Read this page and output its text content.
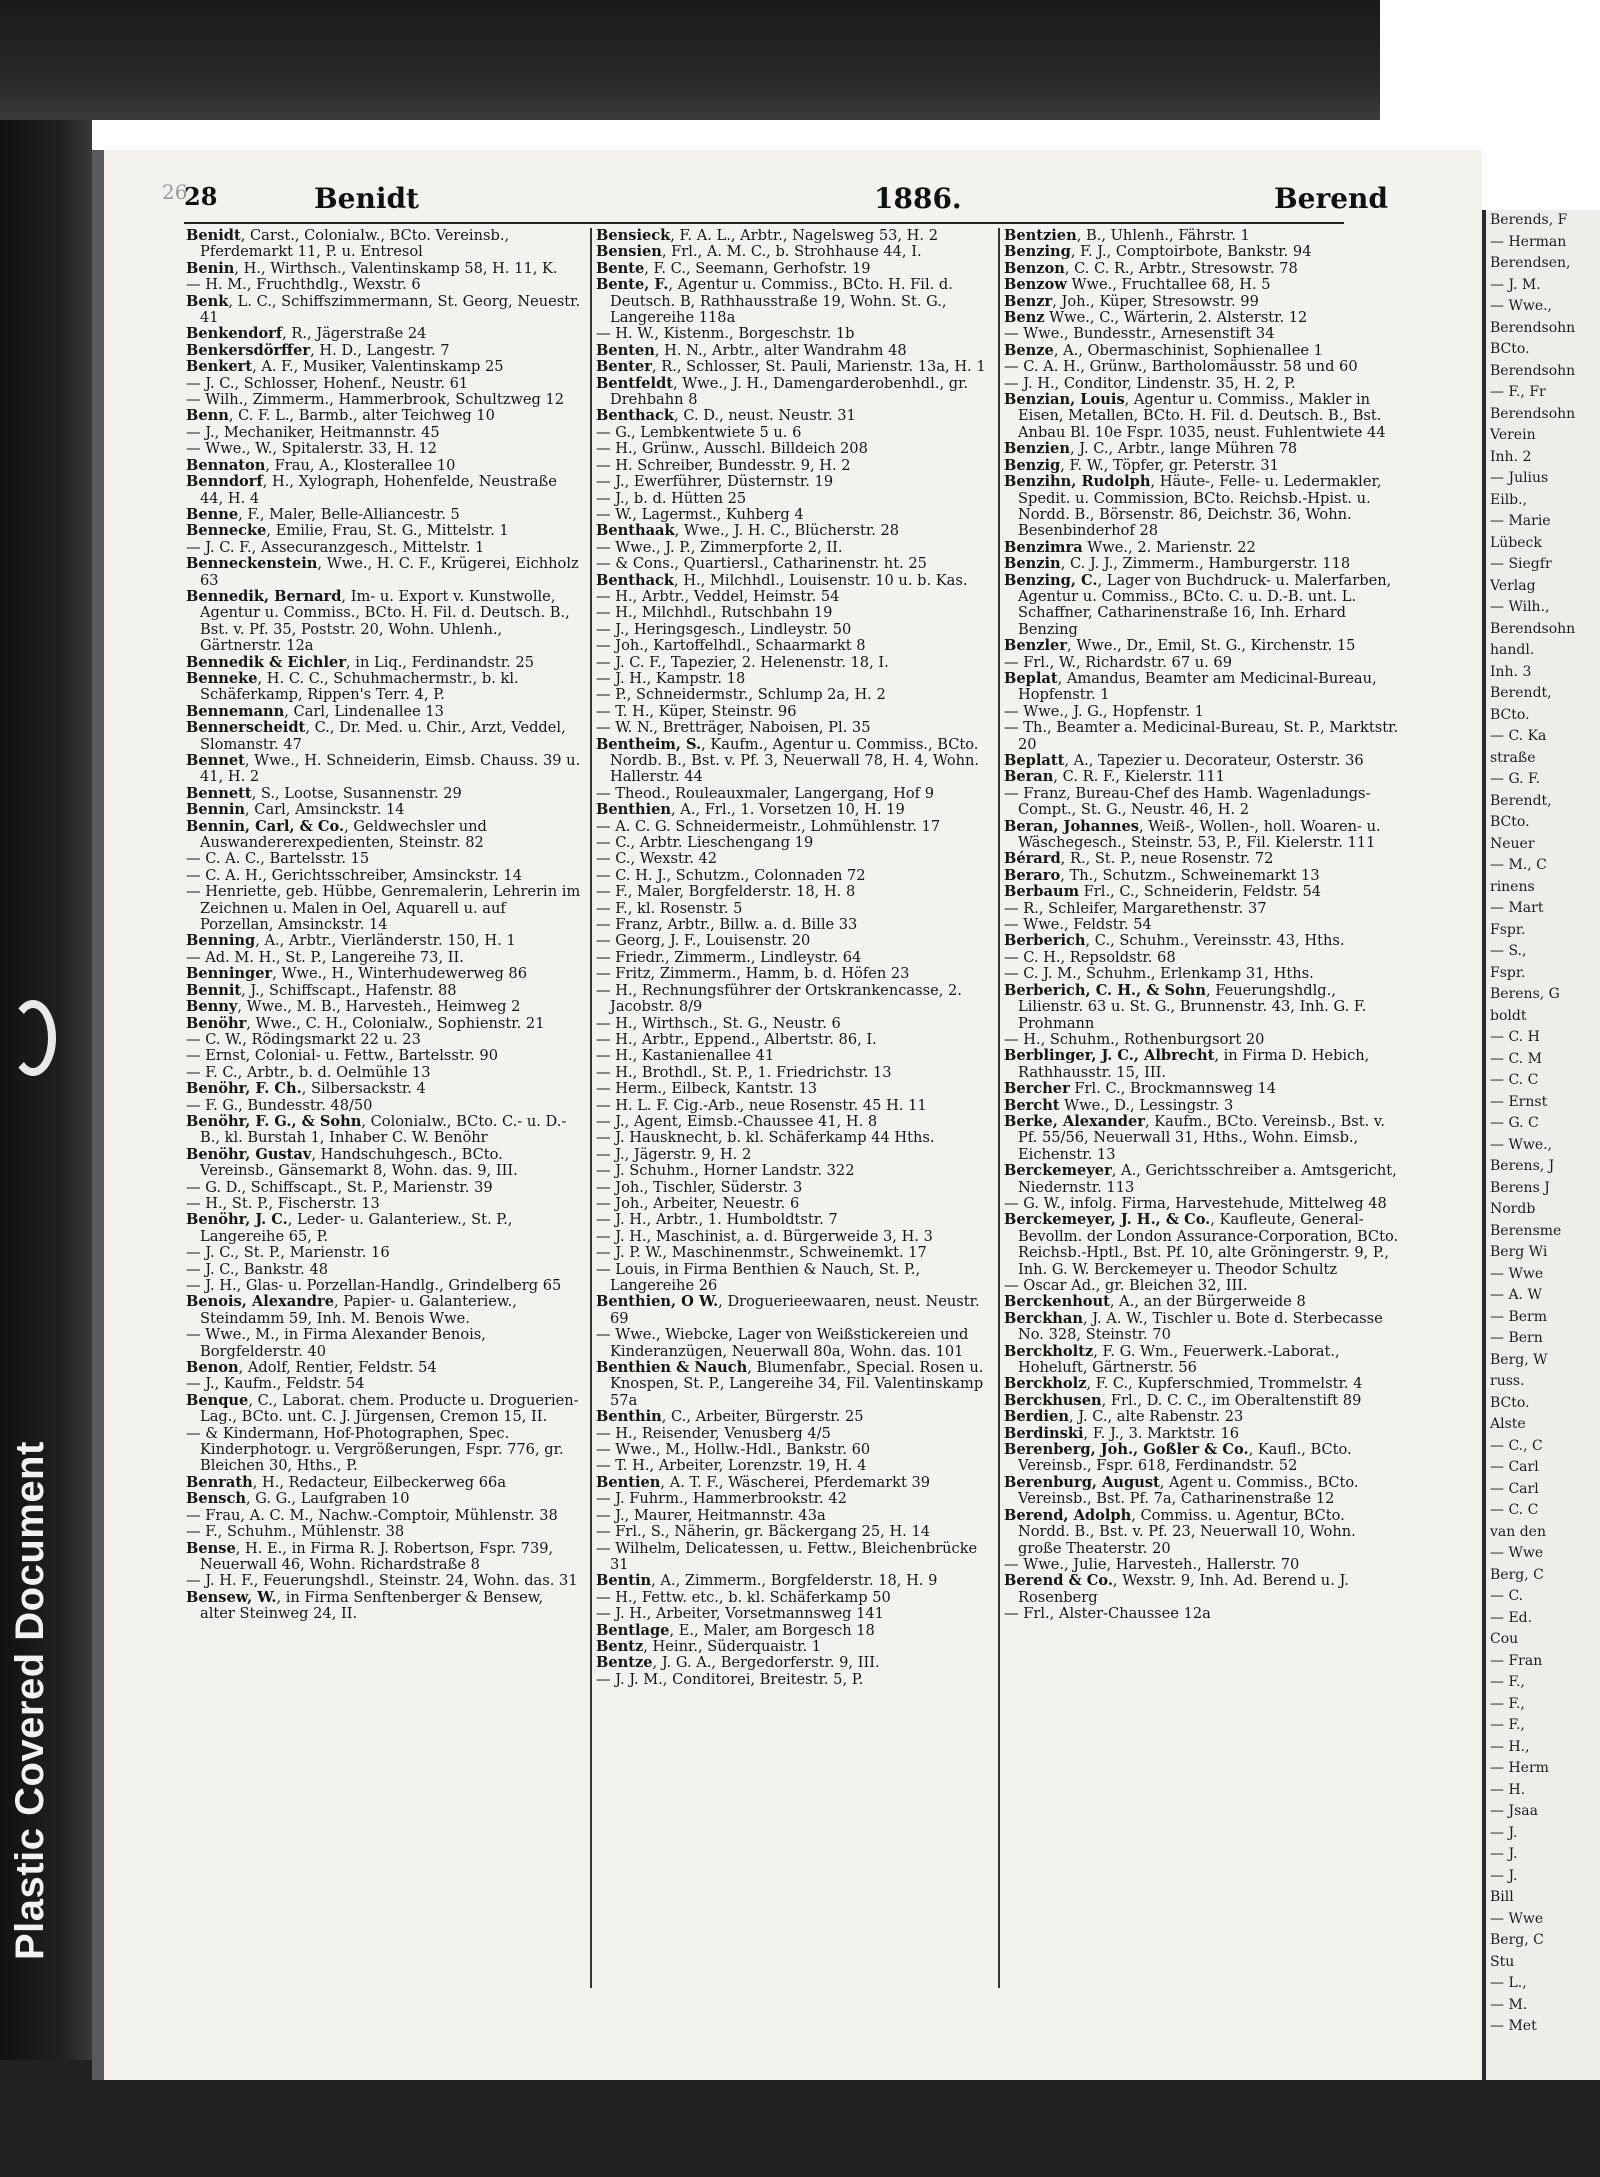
Plastic Covered Document
26
28	Benidt	1886.	Berend

Benidt, Carst., Colonialw., BCto. Vereinsb., Pferdemarkt 11, P. u. Entresol

Benin, H., Wirthsch., Valentinskamp 58, H. 11, K.

— H. M., Fruchthdlg., Wexstr. 6

Benk, L. C., Schiffszimmermann, St. Georg, Neuestr. 41

Benkendorf, R., Jägerstraße 24

Benkersdörffer, H. D., Langestr. 7

Benkert, A. F., Musiker, Valentinskamp 25

— J. C., Schlosser, Hohenf., Neustr. 61

— Wilh., Zimmerm., Hammerbrook, Schultzweg 12

Benn, C. F. L., Barmb., alter Teichweg 10

— J., Mechaniker, Heitmannstr. 45

— Wwe., W., Spitalerstr. 33, H. 12

Bennaton, Frau, A., Klosterallee 10

Benndorf, H., Xylograph, Hohenfelde, Neustraße 44, H. 4

Benne, F., Maler, Belle-Alliancestr. 5

Bennecke, Emilie, Frau, St. G., Mittelstr. 1

— J. C. F., Assecuranzgesch., Mittelstr. 1

Benneckenstein, Wwe., H. C. F., Krügerei, Eichholz 63

Bennedik, Bernard, Im- u. Export v. Kunstwolle, Agentur u. Commiss., BCto. H. Fil. d. Deutsch. B., Bst. v. Pf. 35, Poststr. 20, Wohn. Uhlenh., Gärtnerstr. 12a

Bennedik & Eichler, in Liq., Ferdinandstr. 25

Benneke, H. C. C., Schuhmachermstr., b. kl. Schäferkamp, Rippen's Terr. 4, P.

Bennemann, Carl, Lindenallee 13

Bennerscheidt, C., Dr. Med. u. Chir., Arzt, Veddel, Slomanstr. 47

Bennet, Wwe., H. Schneiderin, Eimsb. Chauss. 39 u. 41, H. 2

Bennett, S., Lootse, Susannenstr. 29

Bennin, Carl, Amsinckstr. 14

Bennin, Carl, & Co., Geldwechsler und Auswandererexpedienten, Steinstr. 82

— C. A. C., Bartelsstr. 15

— C. A. H., Gerichtsschreiber, Amsinckstr. 14

— Henriette, geb. Hübbe, Genremalerin, Lehrerin im Zeichnen u. Malen in Oel, Aquarell u. auf Porzellan, Amsinckstr. 14

Benning, A., Arbtr., Vierländerstr. 150, H. 1

— Ad. M. H., St. P., Langereihe 73, II.

Benninger, Wwe., H., Winterhudewerweg 86

Bennit, J., Schiffscapt., Hafenstr. 88

Benny, Wwe., M. B., Harvesteh., Heimweg 2

Benöhr, Wwe., C. H., Colonialw., Sophienstr. 21

— C. W., Rödingsmarkt 22 u. 23

— Ernst, Colonial- u. Fettw., Bartelsstr. 90

— F. C., Arbtr., b. d. Oelmühle 13

Benöhr, F. Ch., Silbersackstr. 4

— F. G., Bundesstr. 48/50

Benöhr, F. G., & Sohn, Colonialw., BCto. C.- u. D.-B., kl. Burstah 1, Inhaber C. W. Benöhr

Benöhr, Gustav, Handschuhgesch., BCto. Vereinsb., Gänsemarkt 8, Wohn. das. 9, III.

— G. D., Schiffscapt., St. P., Marienstr. 39

— H., St. P., Fischerstr. 13

Benöhr, J. C., Leder- u. Galanteriew., St. P., Langereihe 65, P.

— J. C., St. P., Marienstr. 16

— J. C., Bankstr. 48

— J. H., Glas- u. Porzellan-Handlg., Grindelberg 65

Benois, Alexandre, Papier- u. Galanteriew., Steindamm 59, Inh. M. Benois Wwe.

— Wwe., M., in Firma Alexander Benois, Borgfelderstr. 40

Benon, Adolf, Rentier, Feldstr. 54

— J., Kaufm., Feldstr. 54

Benque, C., Laborat. chem. Producte u. Droguerien-Lag., BCto. unt. C. J. Jürgensen, Cremon 15, II.

— & Kindermann, Hof-Photographen, Spec. Kinderphotogr. u. Vergrößerungen, Fspr. 776, gr. Bleichen 30, Hths., P.

Benrath, H., Redacteur, Eilbeckerweg 66a

Bensch, G. G., Laufgraben 10

— Frau, A. C. M., Nachw.-Comptoir, Mühlenstr. 38

— F., Schuhm., Mühlenstr. 38

Bense, H. E., in Firma R. J. Robertson, Fspr. 739, Neuerwall 46, Wohn. Richardstraße 8

— J. H. F., Feuerungshdl., Steinstr. 24, Wohn. das. 31

Bensew, W., in Firma Senftenberger & Bensew, alter Steinweg 24, II.

Bensieck, F. A. L., Arbtr., Nagelsweg 53, H. 2

Bensien, Frl., A. M. C., b. Strohhause 44, I.

Bente, F. C., Seemann, Gerhofstr. 19

Bente, F., Agentur u. Commiss., BCto. H. Fil. d. Deutsch. B, Rathhausstraße 19, Wohn. St. G., Langereihe 118a

— H. W., Kistenm., Borgeschstr. 1b

Benten, H. N., Arbtr., alter Wandrahm 48

Benter, R., Schlosser, St. Pauli, Marienstr. 13a, H. 1

Bentfeldt, Wwe., J. H., Damengarderobenhdl., gr. Drehbahn 8

Benthack, C. D., neust. Neustr. 31

— G., Lembkentwiete 5 u. 6

— H., Grünw., Ausschl. Billdeich 208

— H. Schreiber, Bundesstr. 9, H. 2

— J., Ewerführer, Düsternstr. 19

— J., b. d. Hütten 25

— W., Lagermst., Kuhberg 4

Benthaak, Wwe., J. H. C., Blücherstr. 28

— Wwe., J. P., Zimmerpforte 2, II.

— & Cons., Quartiersl., Catharinenstr. ht. 25

Benthack, H., Milchhdl., Louisenstr. 10 u. b. Kas.

— H., Arbtr., Veddel, Heimstr. 54

— H., Milchhdl., Rutschbahn 19

— J., Heringsgesch., Lindleystr. 50

— Joh., Kartoffelhdl., Schaarmarkt 8

— J. C. F., Tapezier, 2. Helenenstr. 18, I.

— J. H., Kampstr. 18

— P., Schneidermstr., Schlump 2a, H. 2

— T. H., Küper, Steinstr. 96

— W. N., Bretträger, Naboisen, Pl. 35

Bentheim, S., Kaufm., Agentur u. Commiss., BCto. Nordb. B., Bst. v. Pf. 3, Neuerwall 78, H. 4, Wohn. Hallerstr. 44

— Theod., Rouleauxmaler, Langergang, Hof 9

Benthien, A., Frl., 1. Vorsetzen 10, H. 19

— A. C. G. Schneidermeistr., Lohmühlenstr. 17

— C., Arbtr. Lieschengang 19

— C., Wexstr. 42

— C. H. J., Schutzm., Colonnaden 72

— F., Maler, Borgfelderstr. 18, H. 8

— F., kl. Rosenstr. 5

— Franz, Arbtr., Billw. a. d. Bille 33

— Georg, J. F., Louisenstr. 20

— Friedr., Zimmerm., Lindleystr. 64

— Fritz, Zimmerm., Hamm, b. d. Höfen 23

— H., Rechnungsführer der Ortskrankencasse, 2. Jacobstr. 8/9

— H., Wirthsch., St. G., Neustr. 6

— H., Arbtr., Eppend., Albertstr. 86, I.

— H., Kastanienallee 41

— H., Brothdl., St. P., 1. Friedrichstr. 13

— Herm., Eilbeck, Kantstr. 13

— H. L. F. Cig.-Arb., neue Rosenstr. 45 H. 11

— J., Agent, Eimsb.-Chaussee 41, H. 8

— J. Hausknecht, b. kl. Schäferkamp 44 Hths.

— J., Jägerstr. 9, H. 2

— J. Schuhm., Horner Landstr. 322

— Joh., Tischler, Süderstr. 3

— Joh., Arbeiter, Neuestr. 6

— J. H., Arbtr., 1. Humboldtstr. 7

— J. H., Maschinist, a. d. Bürgerweide 3, H. 3

— J. P. W., Maschinenmstr., Schweinemkt. 17

— Louis, in Firma Benthien & Nauch, St. P., Langereihe 26

Benthien, O W., Droguerieewaaren, neust. Neustr. 69

— Wwe., Wiebcke, Lager von Weißstickereien und Kinderanzügen, Neuerwall 80a, Wohn. das. 101

Benthien & Nauch, Blumenfabr., Special. Rosen u. Knospen, St. P., Langereihe 34, Fil. Valentinskamp 57a

Benthin, C., Arbeiter, Bürgerstr. 25

— H., Reisender, Venusberg 4/5

— Wwe., M., Hollw.-Hdl., Bankstr. 60

— T. H., Arbeiter, Lorenzstr. 19, H. 4

Bentien, A. T. F., Wäscherei, Pferdemarkt 39

— J. Fuhrm., Hammerbrookstr. 42

— J., Maurer, Heitmannstr. 43a

— Frl., S., Näherin, gr. Bäckergang 25, H. 14

— Wilhelm, Delicatessen, u. Fettw., Bleichenbrücke 31

Bentin, A., Zimmerm., Borgfelderstr. 18, H. 9

— H., Fettw. etc., b. kl. Schäferkamp 50

— J. H., Arbeiter, Vorsetmannsweg 141

Bentlage, E., Maler, am Borgesch 18

Bentz, Heinr., Süderquaistr. 1

Bentze, J. G. A., Bergedorferstr. 9, III.

— J. J. M., Conditorei, Breitestr. 5, P.

Bentzien, B., Uhlenh., Fährstr. 1

Benzing, F. J., Comptoirbote, Bankstr. 94

Benzon, C. C. R., Arbtr., Stresowstr. 78

Benzow Wwe., Fruchtallee 68, H. 5

Benzr, Joh., Küper, Stresowstr. 99

Benz Wwe., C., Wärterin, 2. Alsterstr. 12

— Wwe., Bundesstr., Arnesenstift 34

Benze, A., Obermaschinist, Sophienallee 1

— C. A. H., Grünw., Bartholomäusstr. 58 und 60

— J. H., Conditor, Lindenstr. 35, H. 2, P.

Benzian, Louis, Agentur u. Commiss., Makler in Eisen, Metallen, BCto. H. Fil. d. Deutsch. B., Bst. Anbau Bl. 10e Fspr. 1035, neust. Fuhlentwiete 44

Benzien, J. C., Arbtr., lange Mühren 78

Benzig, F. W., Töpfer, gr. Peterstr. 31

Benzihn, Rudolph, Häute-, Felle- u. Ledermakler, Spedit. u. Commission, BCto. Reichsb.-Hpist. u. Nordd. B., Börsenstr. 86, Deichstr. 36, Wohn. Besenbinderhof 28

Benzimra Wwe., 2. Marienstr. 22

Benzin, C. J. J., Zimmerm., Hamburgerstr. 118

Benzing, C., Lager von Buchdruck- u. Malerfarben, Agentur u. Commiss., BCto. C. u. D.-B. unt. L. Schaffner, Catharinenstraße 16, Inh. Erhard Benzing

Benzler, Wwe., Dr., Emil, St. G., Kirchenstr. 15

— Frl., W., Richardstr. 67 u. 69

Beplat, Amandus, Beamter am Medicinal-Bureau, Hopfenstr. 1

— Wwe., J. G., Hopfenstr. 1

— Th., Beamter a. Medicinal-Bureau, St. P., Marktstr. 20

Beplatt, A., Tapezier u. Decorateur, Osterstr. 36

Beran, C. R. F., Kielerstr. 111

— Franz, Bureau-Chef des Hamb. Wagenladungs-Compt., St. G., Neustr. 46, H. 2

Beran, Johannes, Weiß-, Wollen-, holl. Woaren- u. Wäschegesch., Steinstr. 53, P., Fil. Kielerstr. 111

Bérard, R., St. P., neue Rosenstr. 72

Beraro, Th., Schutzm., Schweinemarkt 13

Berbaum Frl., C., Schneiderin, Feldstr. 54

— R., Schleifer, Margarethenstr. 37

— Wwe., Feldstr. 54

Berberich, C., Schuhm., Vereinsstr. 43, Hths.

— C. H., Repsoldstr. 68

— C. J. M., Schuhm., Erlenkamp 31, Hths.

Berberich, C. H., & Sohn, Feuerungshdlg., Lilienstr. 63 u. St. G., Brunnenstr. 43, Inh. G. F. Prohmann

— H., Schuhm., Rothenburgsort 20

Berblinger, J. C., Albrecht, in Firma D. Hebich, Rathhausstr. 15, III.

Bercher Frl. C., Brockmannsweg 14

Bercht Wwe., D., Lessingstr. 3

Berke, Alexander, Kaufm., BCto. Vereinsb., Bst. v. Pf. 55/56, Neuerwall 31, Hths., Wohn. Eimsb., Eichenstr. 13

Berckemeyer, A., Gerichtsschreiber a. Amtsgericht, Niedernstr. 113

— G. W., infolg. Firma, Harvestehude, Mittelweg 48

Berckemeyer, J. H., & Co., Kaufleute, General-Bevollm. der London Assurance-Corporation, BCto. Reichsb.-Hptl., Bst. Pf. 10, alte Gröningerstr. 9, P., Inh. G. W. Berckemeyer u. Theodor Schultz

— Oscar Ad., gr. Bleichen 32, III.

Berckenhout, A., an der Bürgerweide 8

Berckhan, J. A. W., Tischler u. Bote d. Sterbecasse No. 328, Steinstr. 70

Berckholtz, F. G. Wm., Feuerwerk.-Laborat., Hoheluft, Gärtnerstr. 56

Berckholz, F. C., Kupferschmied, Trommelstr. 4

Berckhusen, Frl., D. C. C., im Oberaltenstift 89

Berdien, J. C., alte Rabenstr. 23

Berdinski, F. J., 3. Marktstr. 16

Berenberg, Joh., Goßler & Co., Kaufl., BCto. Vereinsb., Fspr. 618, Ferdinandstr. 52

Berenburg, August, Agent u. Commiss., BCto. Vereinsb., Bst. Pf. 7a, Catharinenstraße 12

Berend, Adolph, Commiss. u. Agentur, BCto. Nordd. B., Bst. v. Pf. 23, Neuerwall 10, Wohn. große Theaterstr. 20

— Wwe., Julie, Harvesteh., Hallerstr. 70

Berend & Co., Wexstr. 9, Inh. Ad. Berend u. J. Rosenberg

— Frl., Alster-Chaussee 12a

Berends, F
— Herman
Berendsen,
— J. M.
— Wwe.,
Berendsohn
BCto.
Berendsohn
— F., Fr
Berendsohn
Verein
Inh. 2
— Julius
Eilb.,
— Marie
Lübeck
— Siegfr
Verlag
— Wilh.,
Berendsohn
handl.
Inh. 3
Berendt,
BCto.
— C. Ka
straße
— G. F.
Berendt,
BCto.
Neuer
— M., C
rinens
— Mart
Fspr.
— S.,
Fspr.
Berens, G
boldt
— C. H
— C. M
— C. C
— Ernst
— G. C
— Wwe.,
Berens, J
Berens J
Nordb
Berensme
Berg Wi
— Wwe
— A. W
— Berm
— Bern
Berg, W
russ.
BCto.
Alste
— C., C
— Carl
— Carl
— C. C
van den
— Wwe
Berg, C
— C.
— Ed.
Cou
— Fran
— F.,
— F.,
— F.,
— H.,
— Herm
— H.
— Jsaa
— J.
— J.
— J.
Bill
— Wwe
Berg, C
Stu
— L.,
— M.
— Met
